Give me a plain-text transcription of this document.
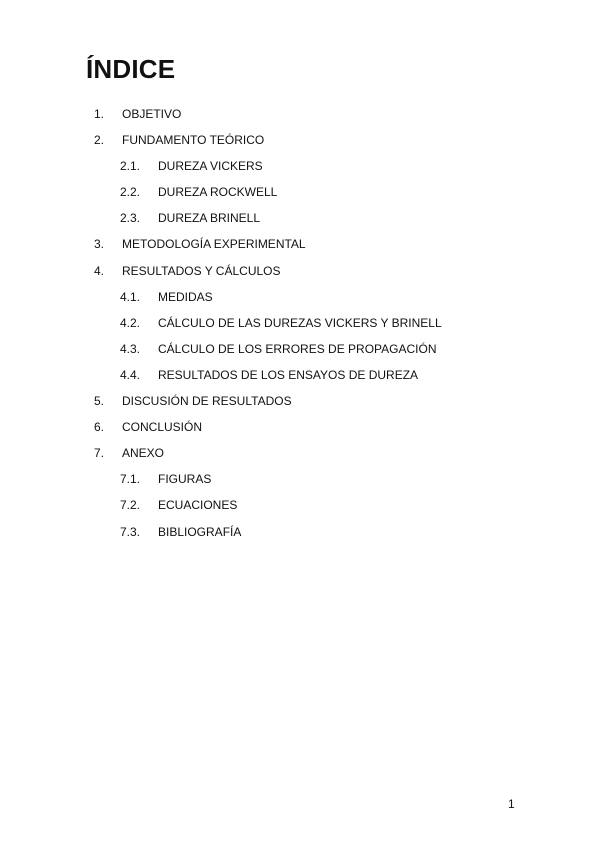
ÍNDICE
1. OBJETIVO
2. FUNDAMENTO TEÓRICO
2.1. DUREZA VICKERS
2.2. DUREZA ROCKWELL
2.3. DUREZA BRINELL
3. METODOLOGÍA EXPERIMENTAL
4. RESULTADOS Y CÁLCULOS
4.1. MEDIDAS
4.2. CÁLCULO DE LAS DUREZAS VICKERS Y BRINELL
4.3. CÁLCULO DE LOS ERRORES DE PROPAGACIÓN
4.4. RESULTADOS DE LOS ENSAYOS DE DUREZA
5. DISCUSIÓN DE RESULTADOS
6. CONCLUSIÓN
7. ANEXO
7.1. FIGURAS
7.2. ECUACIONES
7.3. BIBLIOGRAFÍA
1
